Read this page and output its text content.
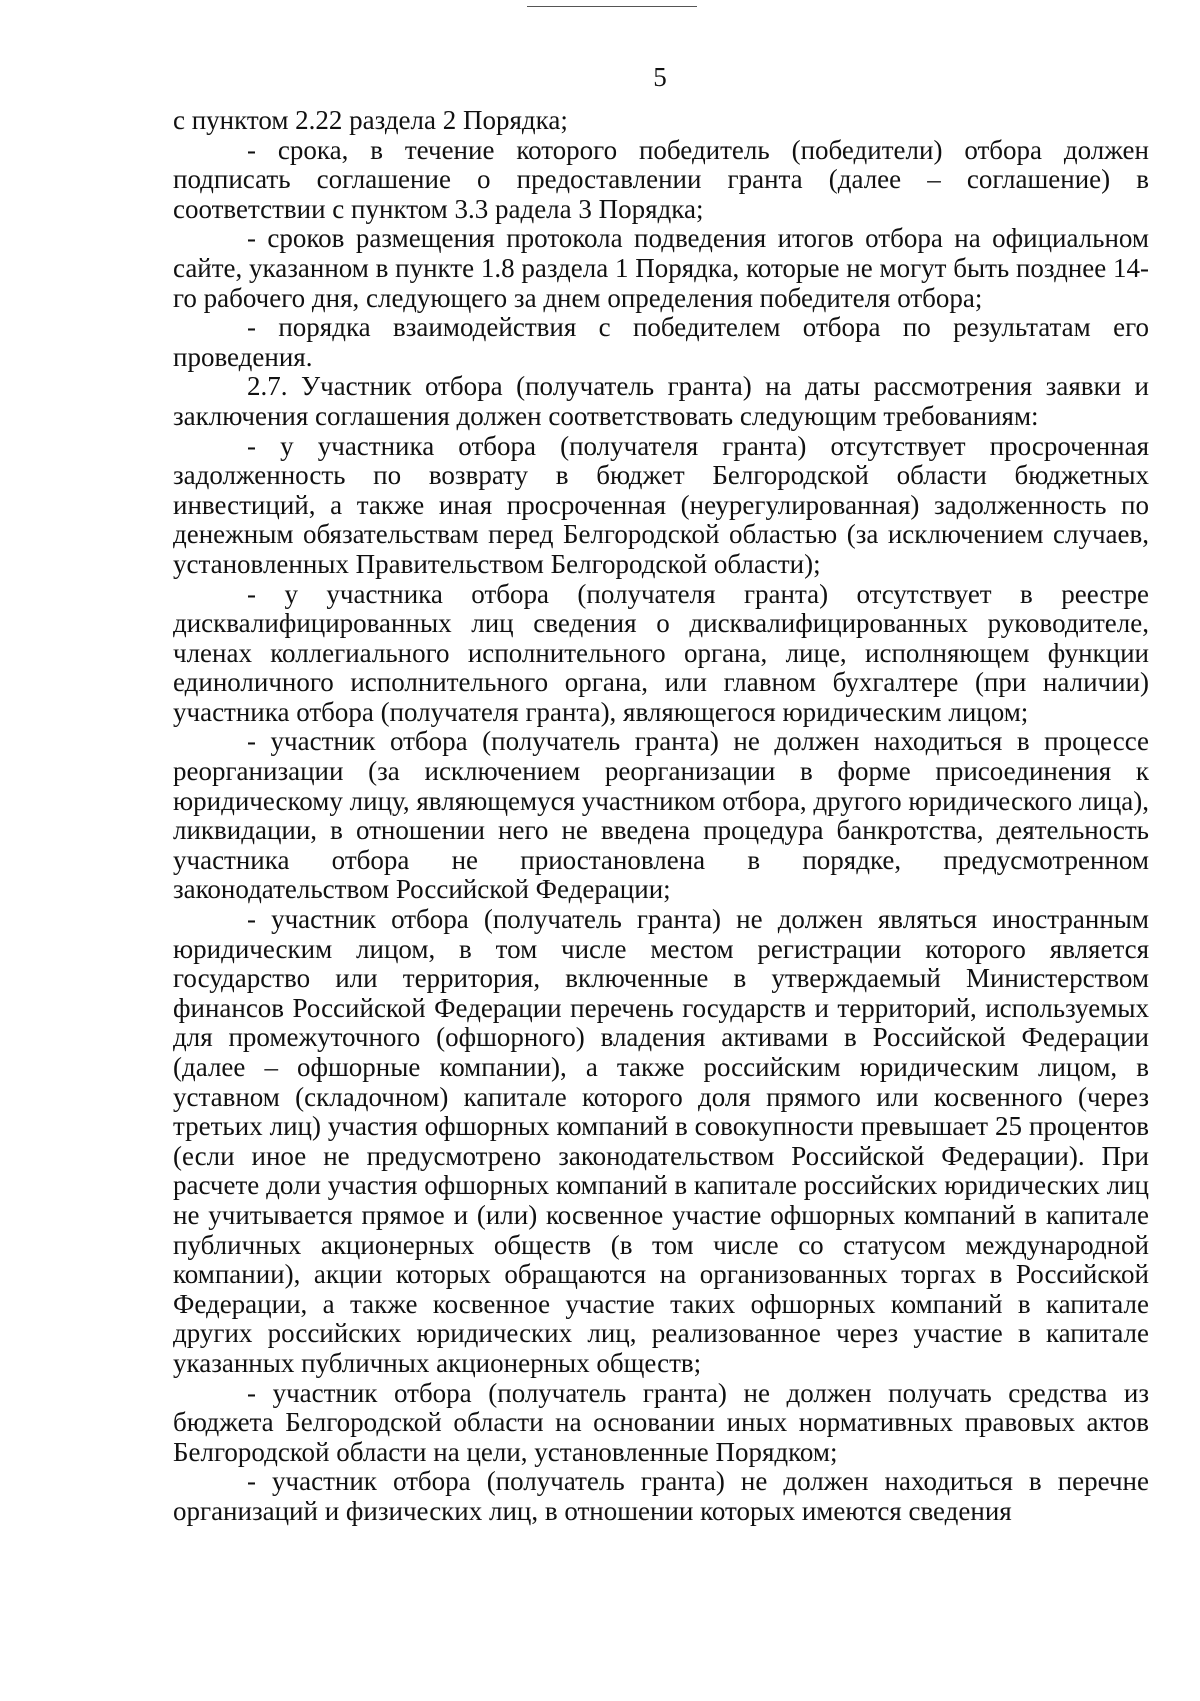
5

с пунктом 2.22 раздела 2 Порядка;

- срока, в течение которого победитель (победители) отбора должен подписать соглашение о предоставлении гранта (далее – соглашение) в соответствии с пунктом 3.3 радела 3 Порядка;

- сроков размещения протокола подведения итогов отбора на официальном сайте, указанном в пункте 1.8 раздела 1 Порядка, которые не могут быть позднее 14-го рабочего дня, следующего за днем определения победителя отбора;

- порядка взаимодействия с победителем отбора по результатам его проведения.

2.7. Участник отбора (получатель гранта) на даты рассмотрения заявки и заключения соглашения должен соответствовать следующим требованиям:

- у участника отбора (получателя гранта) отсутствует просроченная задолженность по возврату в бюджет Белгородской области бюджетных инвестиций, а также иная просроченная (неурегулированная) задолженность по денежным обязательствам перед Белгородской областью (за исключением случаев, установленных Правительством Белгородской области);

- у участника отбора (получателя гранта) отсутствует в реестре дисквалифицированных лиц сведения о дисквалифицированных руководителе, членах коллегиального исполнительного органа, лице, исполняющем функции единоличного исполнительного органа, или главном бухгалтере (при наличии) участника отбора (получателя гранта), являющегося юридическим лицом;

- участник отбора (получатель гранта) не должен находиться в процессе реорганизации (за исключением реорганизации в форме присоединения к юридическому лицу, являющемуся участником отбора, другого юридического лица), ликвидации, в отношении него не введена процедура банкротства, деятельность участника отбора не приостановлена в порядке, предусмотренном законодательством Российской Федерации;

- участник отбора (получатель гранта) не должен являться иностранным юридическим лицом, в том числе местом регистрации которого является государство или территория, включенные в утверждаемый Министерством финансов Российской Федерации перечень государств и территорий, используемых для промежуточного (офшорного) владения активами в Российской Федерации (далее – офшорные компании), а также российским юридическим лицом, в уставном (складочном) капитале которого доля прямого или косвенного (через третьих лиц) участия офшорных компаний в совокупности превышает 25 процентов (если иное не предусмотрено законодательством Российской Федерации). При расчете доли участия офшорных компаний в капитале российских юридических лиц не учитывается прямое и (или) косвенное участие офшорных компаний в капитале публичных акционерных обществ (в том числе со статусом международной компании), акции которых обращаются на организованных торгах в Российской Федерации, а также косвенное участие таких офшорных компаний в капитале других российских юридических лиц, реализованное через участие в капитале указанных публичных акционерных обществ;

- участник отбора (получатель гранта) не должен получать средства из бюджета Белгородской области на основании иных нормативных правовых актов Белгородской области на цели, установленные Порядком;

- участник отбора (получатель гранта) не должен находиться в перечне организаций и физических лиц, в отношении которых имеются сведения
